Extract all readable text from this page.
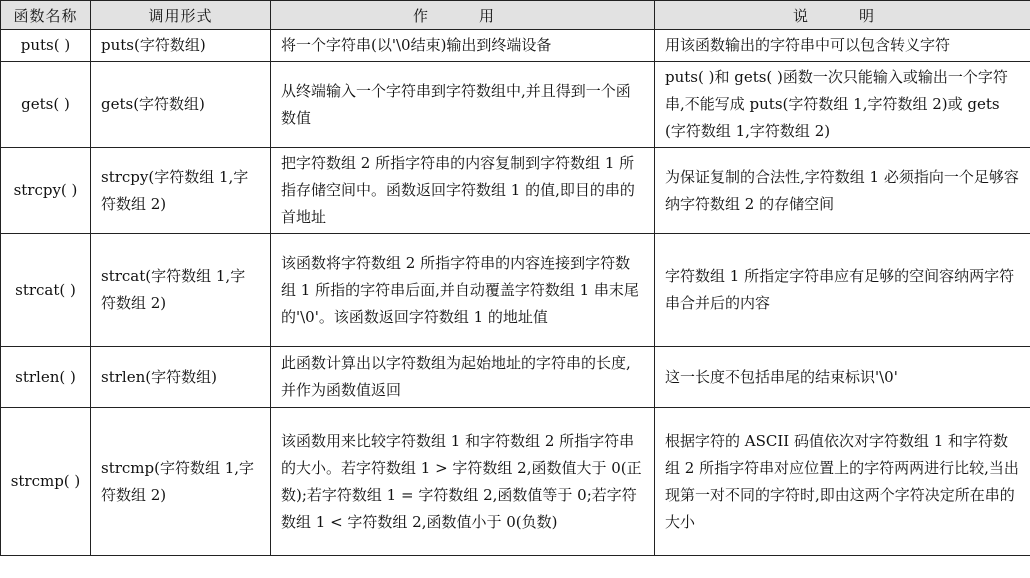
函数名称	调用形式	作　用	说　明
puts( )	puts(字符数组)	将一个字符串(以'\0结束)输出到终端设备	用该函数输出的字符串中可以包含转义字符
gets( )	gets(字符数组)	从终端输入一个字符串到字符数组中,并且得到一个函数值	puts( )和 gets( )函数一次只能输入或输出一个字符串,不能写成 puts(字符数组 1,字符数组 2)或 gets(字符数组 1,字符数组 2)
strcpy( )	strcpy(字符数组 1,字符数组 2)	把字符数组 2 所指字符串的内容复制到字符数组 1 所指存储空间中。函数返回字符数组 1 的值,即目的串的首地址	为保证复制的合法性,字符数组 1 必须指向一个足够容纳字符数组 2 的存储空间
strcat( )	strcat(字符数组 1,字符数组 2)	该函数将字符数组 2 所指字符串的内容连接到字符数组 1 所指的字符串后面,并自动覆盖字符数组 1 串末尾的'\0'。该函数返回字符数组 1 的地址值	字符数组 1 所指定字符串应有足够的空间容纳两字符串合并后的内容
strlen( )	strlen(字符数组)	此函数计算出以字符数组为起始地址的字符串的长度,并作为函数值返回	这一长度不包括串尾的结束标识'\0'
strcmp( )	strcmp(字符数组 1,字符数组 2)	该函数用来比较字符数组 1 和字符数组 2 所指字符串的大小。若字符数组 1 > 字符数组 2,函数值大于 0(正数);若字符数组 1 = 字符数组 2,函数值等于 0;若字符数组 1 < 字符数组 2,函数值小于 0(负数)	根据字符的 ASCII 码值依次对字符数组 1 和字符数组 2 所指字符串对应位置上的字符两两进行比较,当出现第一对不同的字符时,即由这两个字符决定所在串的大小
